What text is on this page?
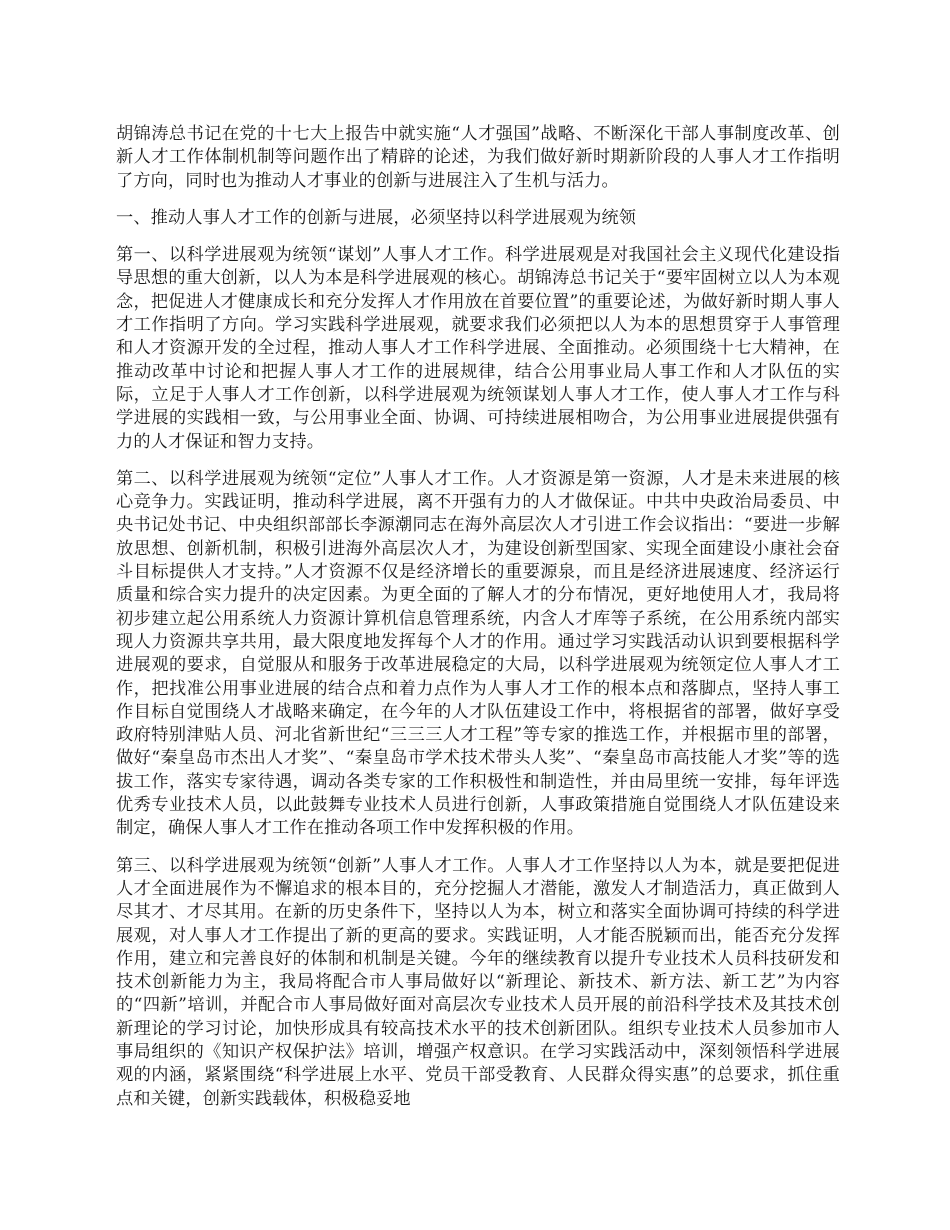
胡锦涛总书记在党的十七大上报告中就实施“人才强国”战略、不断深化干部人事制度改革、创新人才工作体制机制等问题作出了精辟的论述，为我们做好新时期新阶段的人事人才工作指明了方向，同时也为推动人才事业的创新与进展注入了生机与活力。

一、推动人事人才工作的创新与进展，必须坚持以科学进展观为统领

第一、以科学进展观为统领“谋划”人事人才工作。科学进展观是对我国社会主义现代化建设指导思想的重大创新，以人为本是科学进展观的核心。胡锦涛总书记关于“要牢固树立以人为本观念，把促进人才健康成长和充分发挥人才作用放在首要位置”的重要论述，为做好新时期人事人才工作指明了方向。学习实践科学进展观，就要求我们必须把以人为本的思想贯穿于人事管理和人才资源开发的全过程，推动人事人才工作科学进展、全面推动。必须围绕十七大精神，在推动改革中讨论和把握人事人才工作的进展规律，结合公用事业局人事工作和人才队伍的实际，立足于人事人才工作创新，以科学进展观为统领谋划人事人才工作，使人事人才工作与科学进展的实践相一致，与公用事业全面、协调、可持续进展相吻合，为公用事业进展提供强有力的人才保证和智力支持。

第二、以科学进展观为统领“定位”人事人才工作。人才资源是第一资源，人才是未来进展的核心竞争力。实践证明，推动科学进展，离不开强有力的人才做保证。中共中央政治局委员、中央书记处书记、中央组织部部长李源潮同志在海外高层次人才引进工作会议指出：“要进一步解放思想、创新机制，积极引进海外高层次人才，为建设创新型国家、实现全面建设小康社会奋斗目标提供人才支持。”人才资源不仅是经济增长的重要源泉，而且是经济进展速度、经济运行质量和综合实力提升的决定因素。为更全面的了解人才的分布情况，更好地使用人才，我局将初步建立起公用系统人力资源计算机信息管理系统，内含人才库等子系统，在公用系统内部实现人力资源共享共用，最大限度地发挥每个人才的作用。通过学习实践活动认识到要根据科学进展观的要求，自觉服从和服务于改革进展稳定的大局，以科学进展观为统领定位人事人才工作，把找准公用事业进展的结合点和着力点作为人事人才工作的根本点和落脚点，坚持人事工作目标自觉围绕人才战略来确定，在今年的人才队伍建设工作中，将根据省的部署，做好享受政府特别津贴人员、河北省新世纪“三三三人才工程”等专家的推选工作，并根据市里的部署，做好“秦皇岛市杰出人才奖”、“秦皇岛市学术技术带头人奖”、“秦皇岛市高技能人才奖”等的选拔工作，落实专家待遇，调动各类专家的工作积极性和制造性，并由局里统一安排，每年评选优秀专业技术人员，以此鼓舞专业技术人员进行创新，人事政策措施自觉围绕人才队伍建设来制定，确保人事人才工作在推动各项工作中发挥积极的作用。

第三、以科学进展观为统领“创新”人事人才工作。人事人才工作坚持以人为本，就是要把促进人才全面进展作为不懈追求的根本目的，充分挖掘人才潜能，激发人才制造活力，真正做到人尽其才、才尽其用。在新的历史条件下，坚持以人为本，树立和落实全面协调可持续的科学进展观，对人事人才工作提出了新的更高的要求。实践证明，人才能否脱颖而出，能否充分发挥作用，建立和完善良好的体制和机制是关键。今年的继续教育以提升专业技术人员科技研发和技术创新能力为主，我局将配合市人事局做好以“新理论、新技术、新方法、新工艺”为内容的“四新”培训，并配合市人事局做好面对高层次专业技术人员开展的前沿科学技术及其技术创新理论的学习讨论，加快形成具有较高技术水平的技术创新团队。组织专业技术人员参加市人事局组织的《知识产权保护法》培训，增强产权意识。在学习实践活动中，深刻领悟科学进展观的内涵，紧紧围绕“科学进展上水平、党员干部受教育、人民群众得实惠”的总要求，抓住重点和关键，创新实践载体，积极稳妥地
